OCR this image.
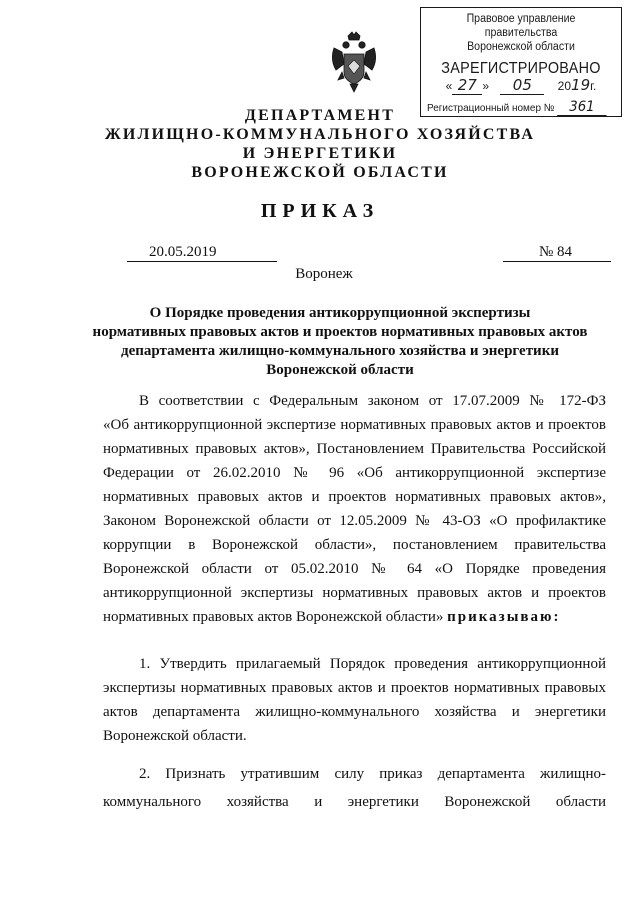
Правовое управление правительства
Воронежской области
ЗАРЕГИСТРИРОВАНО
« 27 » 05 2019г.
Регистрационный номер № 361
ДЕПАРТАМЕНТ
ЖИЛИЩНО-КОММУНАЛЬНОГО ХОЗЯЙСТВА
И ЭНЕРГЕТИКИ
ВОРОНЕЖСКОЙ ОБЛАСТИ
ПРИКАЗ
20.05.2019	№ 84
Воронеж
О Порядке проведения антикоррупционной экспертизы
нормативных правовых актов и проектов нормативных правовых актов
департамента жилищно-коммунального хозяйства и энергетики
Воронежской области
В соответствии с Федеральным законом от 17.07.2009 № 172-ФЗ
«Об антикоррупционной экспертизе нормативных правовых актов и проектов
нормативных правовых актов», Постановлением Правительства Российской
Федерации от 26.02.2010 № 96 «Об антикоррупционной экспертизе
нормативных правовых актов и проектов нормативных правовых актов»,
Законом Воронежской области от 12.05.2009 № 43-ОЗ «О профилактике
коррупции в Воронежской области», постановлением правительства
Воронежской области от 05.02.2010 № 64 «О Порядке проведения
антикоррупционной экспертизы нормативных правовых актов и проектов
нормативных правовых актов Воронежской области» приказываю:
1. Утвердить прилагаемый Порядок проведения антикоррупционной
экспертизы нормативных правовых актов и проектов нормативных правовых
актов департамента жилищно-коммунального хозяйства и энергетики
Воронежской области.
2. Признать утратившим силу приказ департамента жилищно-
коммунального хозяйства и энергетики Воронежской области
